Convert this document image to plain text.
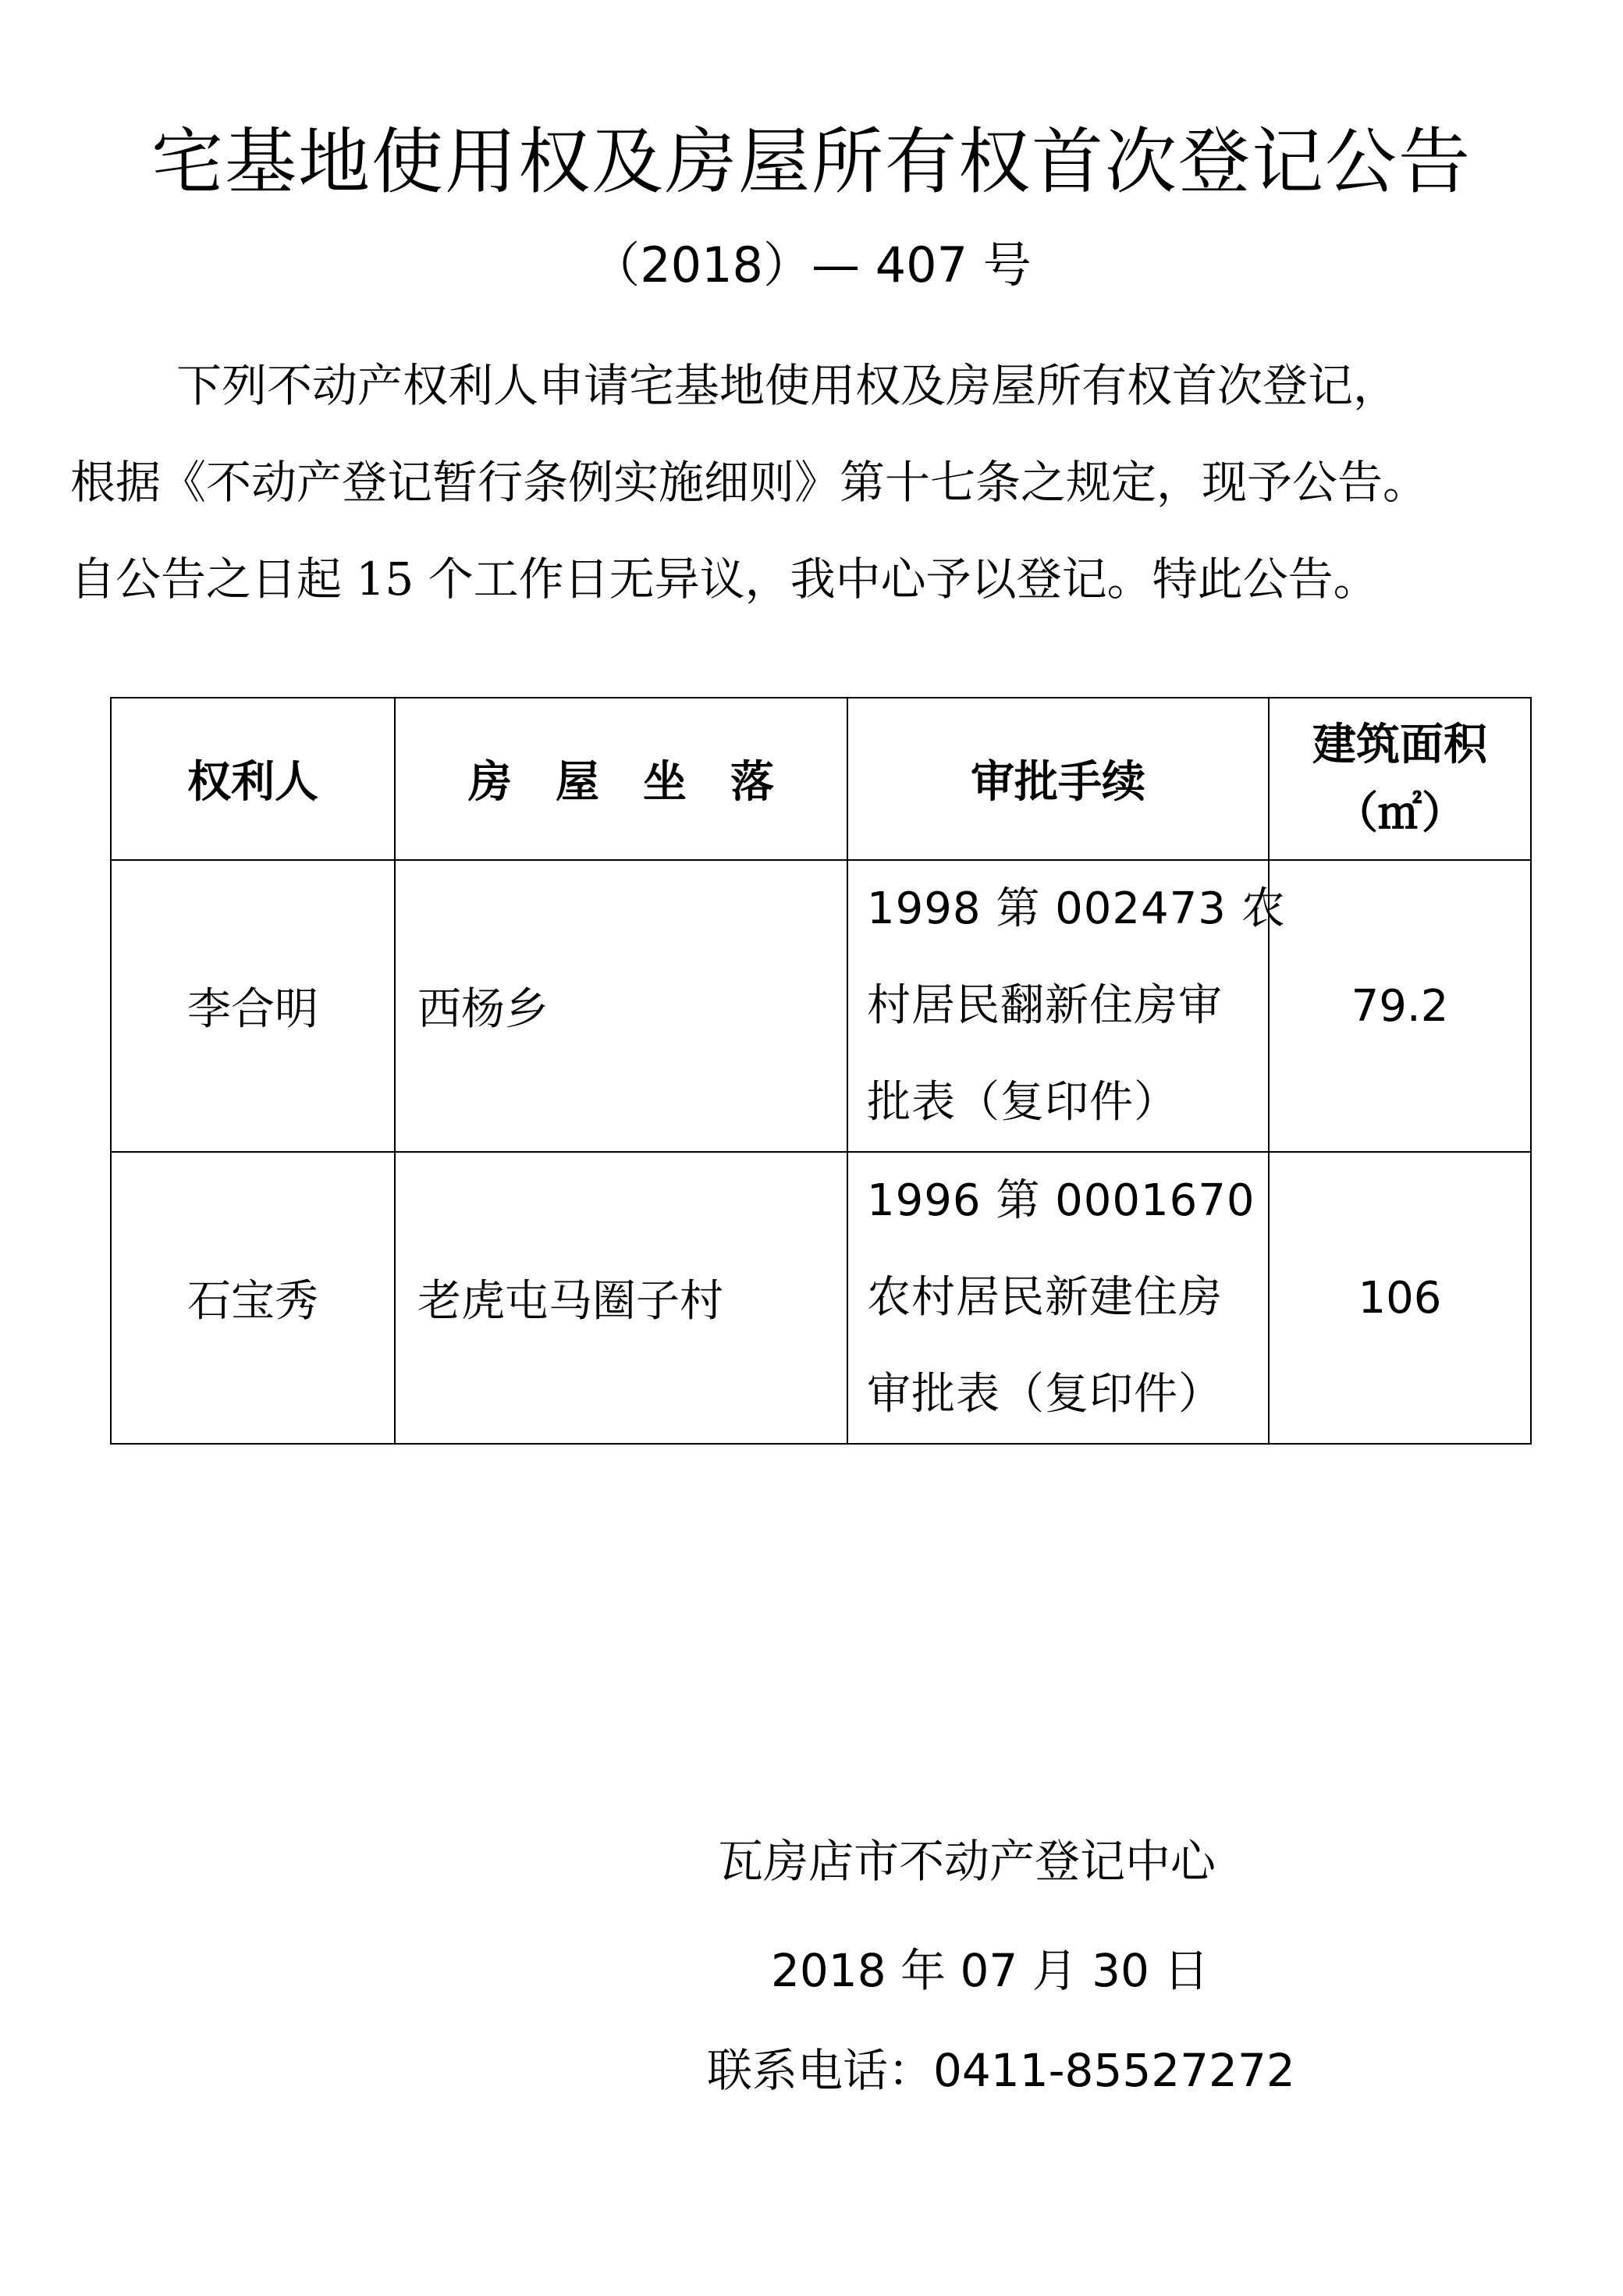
宅基地使用权及房屋所有权首次登记公告
（2018）— 407 号

下列不动产权利人申请宅基地使用权及房屋所有权首次登记，

根据《不动产登记暂行条例实施细则》第十七条之规定，现予公告。

自公告之日起 15 个工作日无异议，我中心予以登记。特此公告。

权利人	房屋坐落	审批手续	建筑面积
（㎡）

李合明	西杨乡	1998 第 002473 农
村居民翻新住房审
批表（复印件）	79.2
石宝秀	老虎屯马圈子村	1996 第 0001670
农村居民新建住房
审批表（复印件）	106
瓦房店市不动产登记中心
2018 年 07 月 30 日
联系电话：0411-85527272
